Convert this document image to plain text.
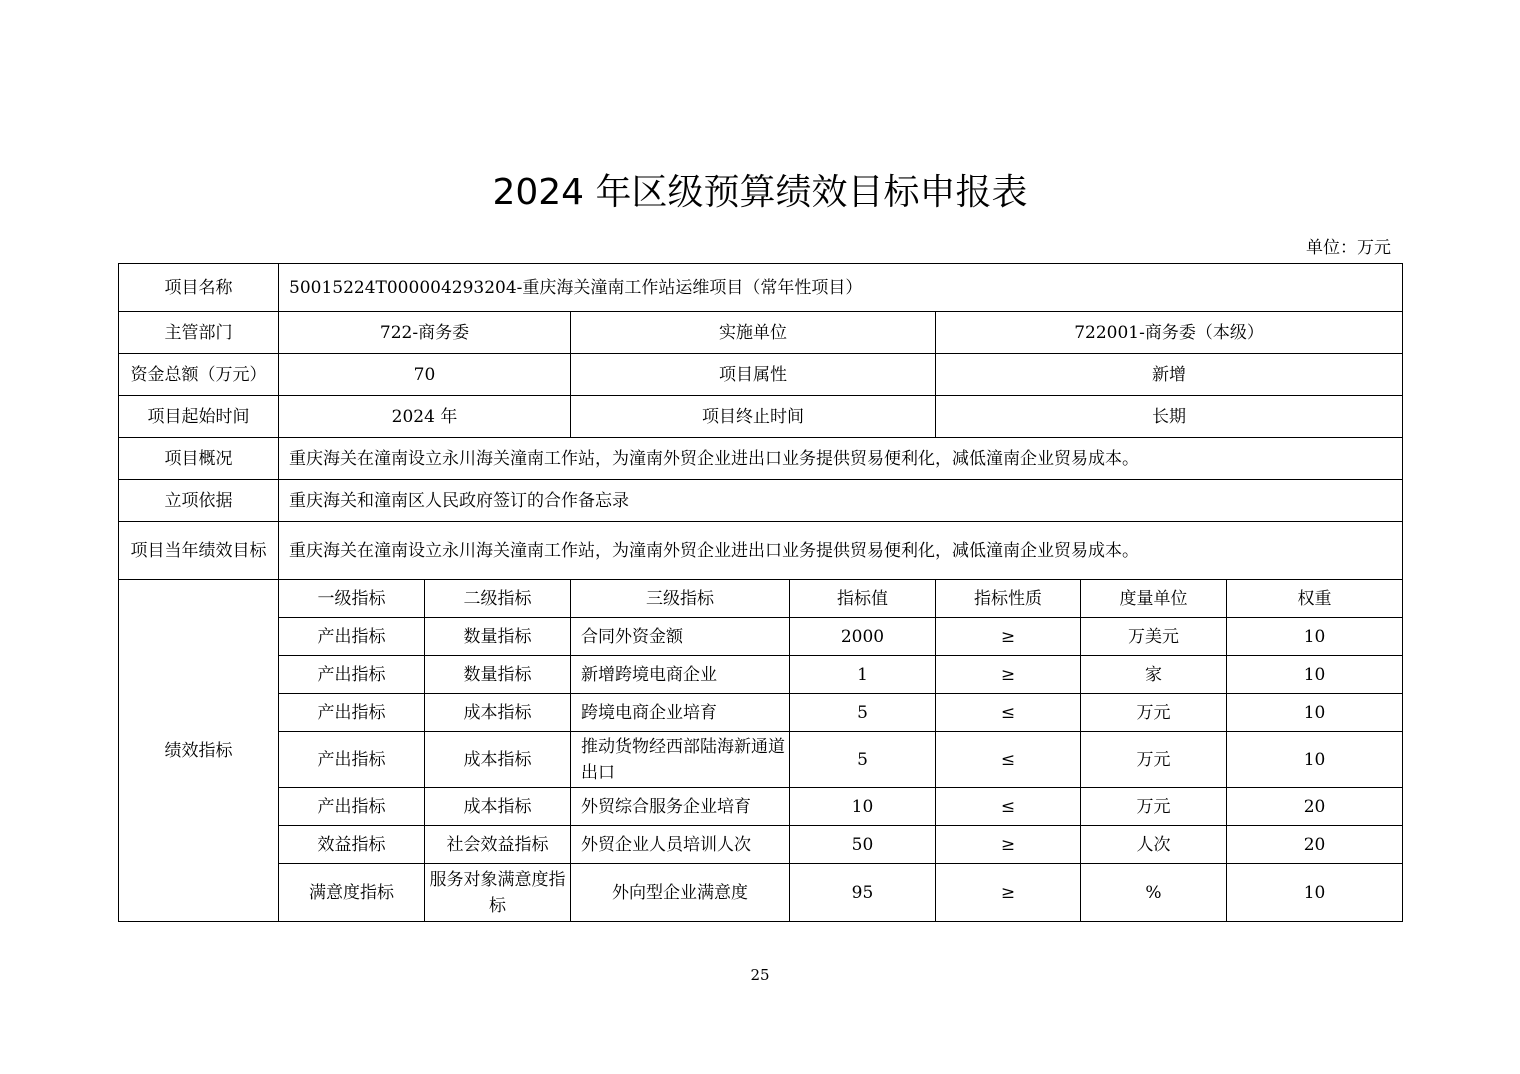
2024 年区级预算绩效目标申报表
单位：万元
项目名称	50015224T000004293204-重庆海关潼南工作站运维项目（常年性项目）						
主管部门	722-商务委		实施单位		722001-商务委（本级）		
资金总额（万元）	70		项目属性		新增		
项目起始时间	2024 年		项目终止时间		长期		
项目概况	重庆海关在潼南设立永川海关潼南工作站，为潼南外贸企业进出口业务提供贸易便利化，减低潼南企业贸易成本。						
立项依据	重庆海关和潼南区人民政府签订的合作备忘录						
项目当年绩效目标	重庆海关在潼南设立永川海关潼南工作站，为潼南外贸企业进出口业务提供贸易便利化，减低潼南企业贸易成本。						
绩效指标	一级指标	二级指标	三级指标	指标值	指标性质	度量单位	权重
	产出指标	数量指标	合同外资金额	2000	≥	万美元	10
	产出指标	数量指标	新增跨境电商企业	1	≥	家	10
	产出指标	成本指标	跨境电商企业培育	5	≤	万元	10
	产出指标	成本指标	推动货物经西部陆海新通道出口	5	≤	万元	10
	产出指标	成本指标	外贸综合服务企业培育	10	≤	万元	20
	效益指标	社会效益指标	外贸企业人员培训人次	50	≥	人次	20
	满意度指标	服务对象满意度指标	外向型企业满意度	95	≥	%	10
25
